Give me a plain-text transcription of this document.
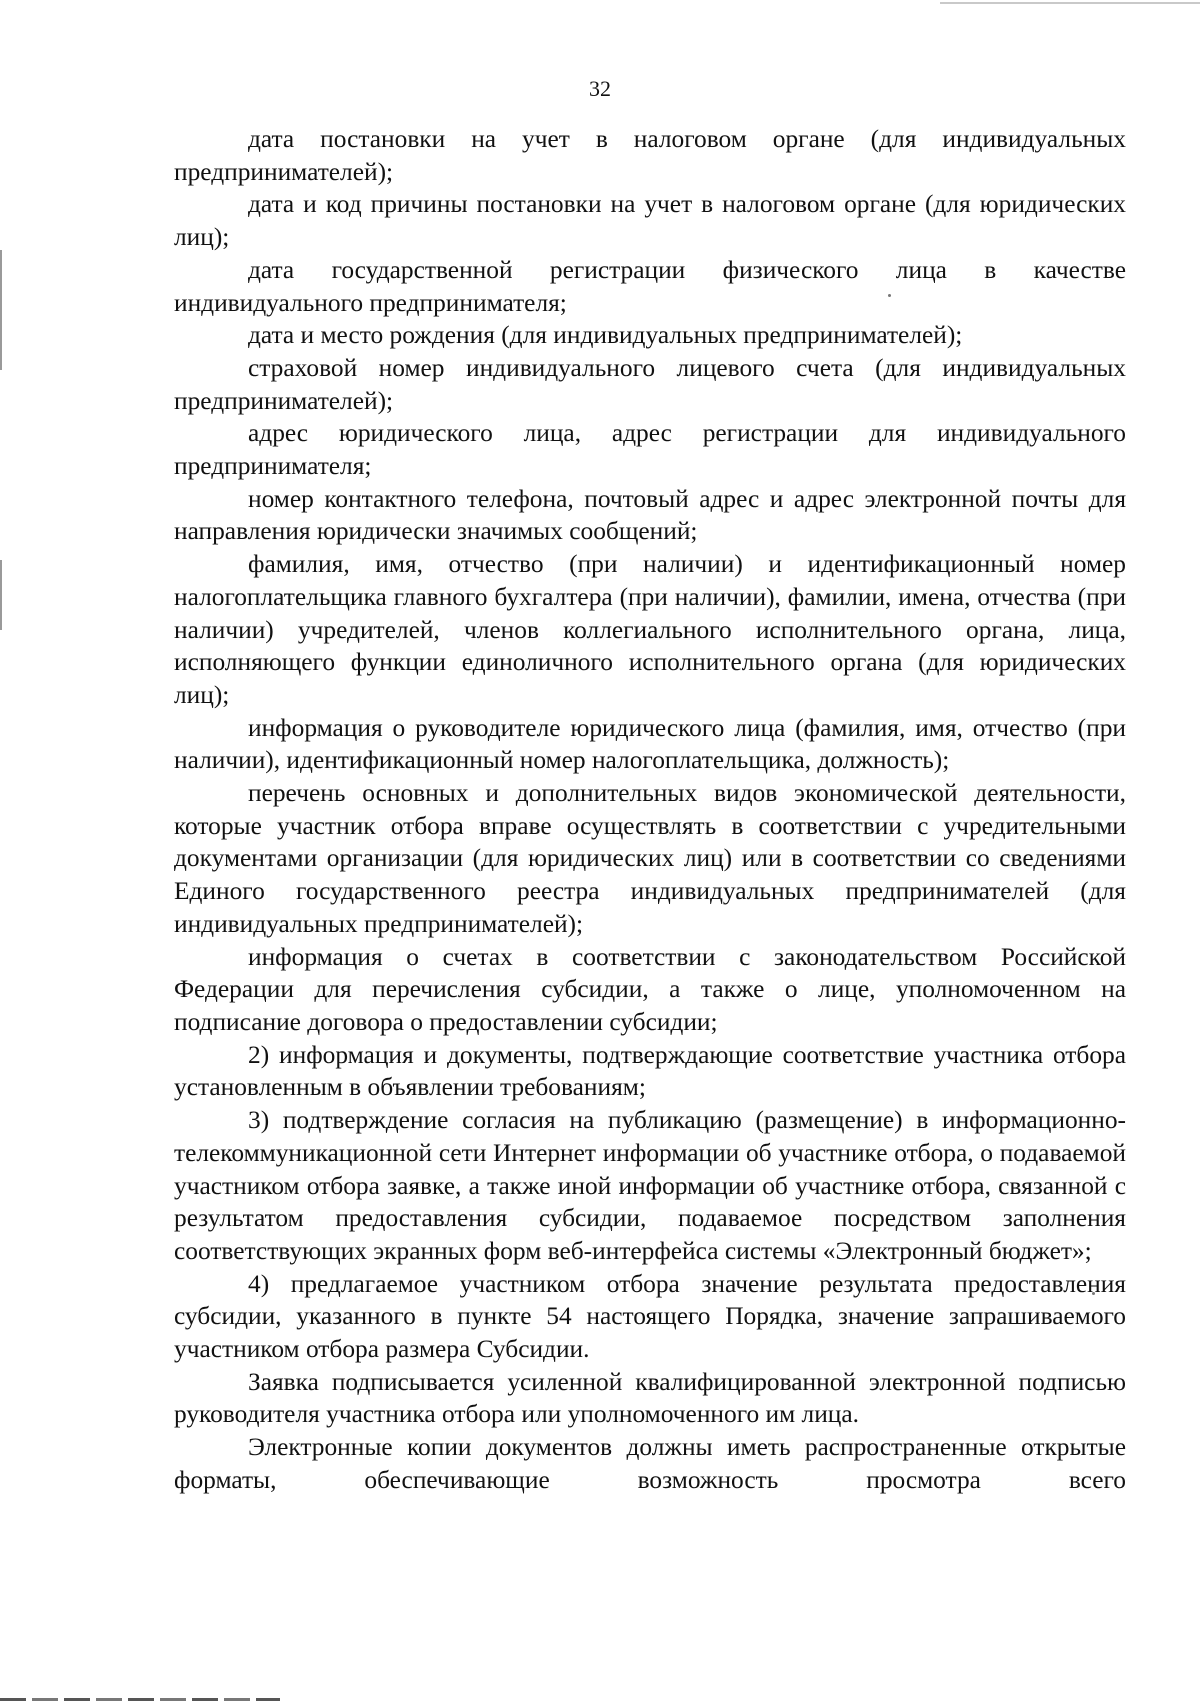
32

дата постановки на учет в налоговом органе (для индивидуальных предпринимателей);

дата и код причины постановки на учет в налоговом органе (для юридических лиц);

дата государственной регистрации физического лица в качестве индивидуального предпринимателя;

дата и место рождения (для индивидуальных предпринимателей);

страховой номер индивидуального лицевого счета (для индивидуальных предпринимателей);

адрес юридического лица, адрес регистрации для индивидуального предпринимателя;

номер контактного телефона, почтовый адрес и адрес электронной почты для направления юридически значимых сообщений;

фамилия, имя, отчество (при наличии) и идентификационный номер налогоплательщика главного бухгалтера (при наличии), фамилии, имена, отчества (при наличии) учредителей, членов коллегиального исполнительного органа, лица, исполняющего функции единоличного исполнительного органа (для юридических лиц);

информация о руководителе юридического лица (фамилия, имя, отчество (при наличии), идентификационный номер налогоплательщика, должность);

перечень основных и дополнительных видов экономической деятельности, которые участник отбора вправе осуществлять в соответствии с учредительными документами организации (для юридических лиц) или в соответствии со сведениями Единого государственного реестра индивидуальных предпринимателей (для индивидуальных предпринимателей);

информация о счетах в соответствии с законодательством Российской Федерации для перечисления субсидии, а также о лице, уполномоченном на подписание договора о предоставлении субсидии;

2) информация и документы, подтверждающие соответствие участника отбора установленным в объявлении требованиям;

3) подтверждение согласия на публикацию (размещение) в информационно-телекоммуникационной сети Интернет информации об участнике отбора, о подаваемой участником отбора заявке, а также иной информации об участнике отбора, связанной с результатом предоставления субсидии, подаваемое посредством заполнения соответствующих экранных форм веб-интерфейса системы «Электронный бюджет»;

4) предлагаемое участником отбора значение результата предоставления субсидии, указанного в пункте 54 настоящего Порядка, значение запрашиваемого участником отбора размера Субсидии.

Заявка подписывается усиленной квалифицированной электронной подписью руководителя участника отбора или уполномоченного им лица.

Электронные копии документов должны иметь распространенные открытые форматы, обеспечивающие возможность просмотра всего
